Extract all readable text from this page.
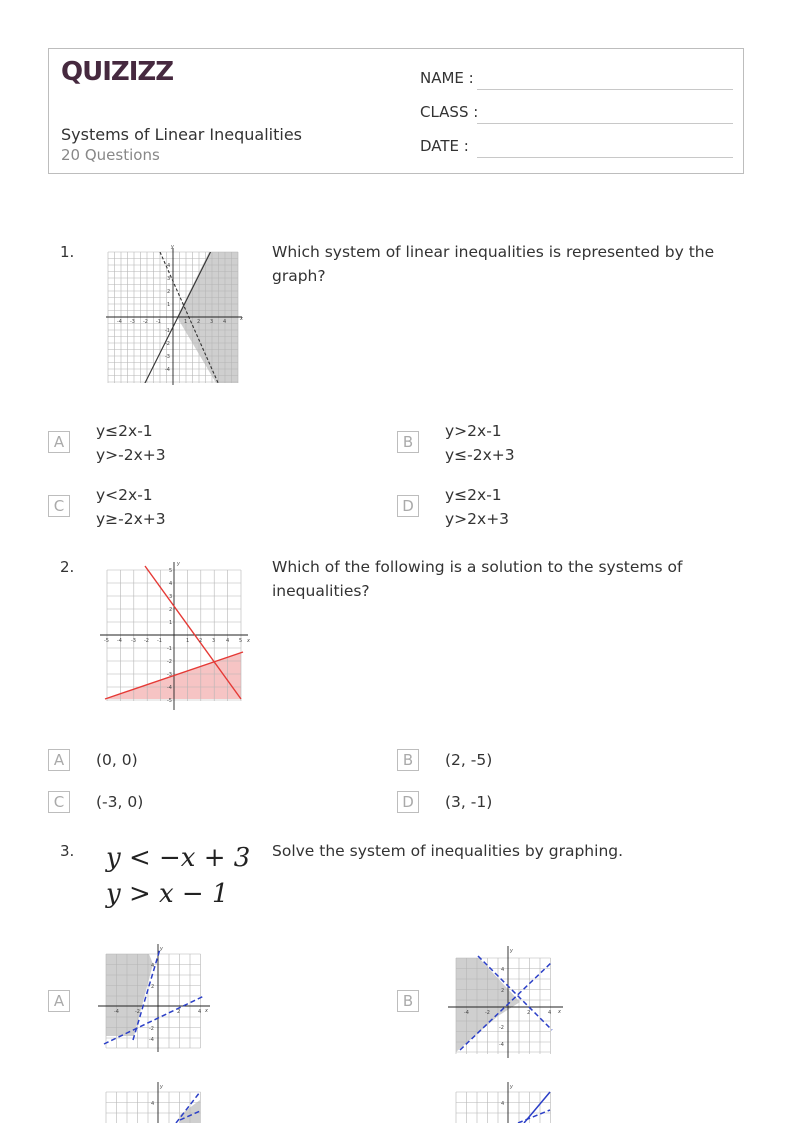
QUIZIZZ
Systems of Linear Inequalities
20 Questions
NAME :
CLASS :
DATE :
1.	Which system of linear inequalities is represented by the graph?
-4 -3 -2 -1	1 2 3 4
4
3
2
1
-1
-2
-3
-4
x
y
A
y≤2x-1
y>-2x+3
B
y>2x-1
y≤-2x+3
C
y<2x-1
y≥-2x+3
D
y≤2x-1
y>2x+3
2.	Which of the following is a solution to the systems of inequalities?
-5 -4 -3 -2 -1	1 2 3 4 5
5
4
3
2
1
-1
-2
-3
-4
-5
x
y
A	(0, 0)	B	(2, -5)
C	(-3, 0)	D	(3, -1)
3.	Solve the system of inequalities by graphing.
y < −x + 3
y > x − 1
A
-4	-2	2	4
4
2
-2
-4
x
y
B
-4	-2	2	4
4
2
-2
-4
x
y
4
y
4
y
